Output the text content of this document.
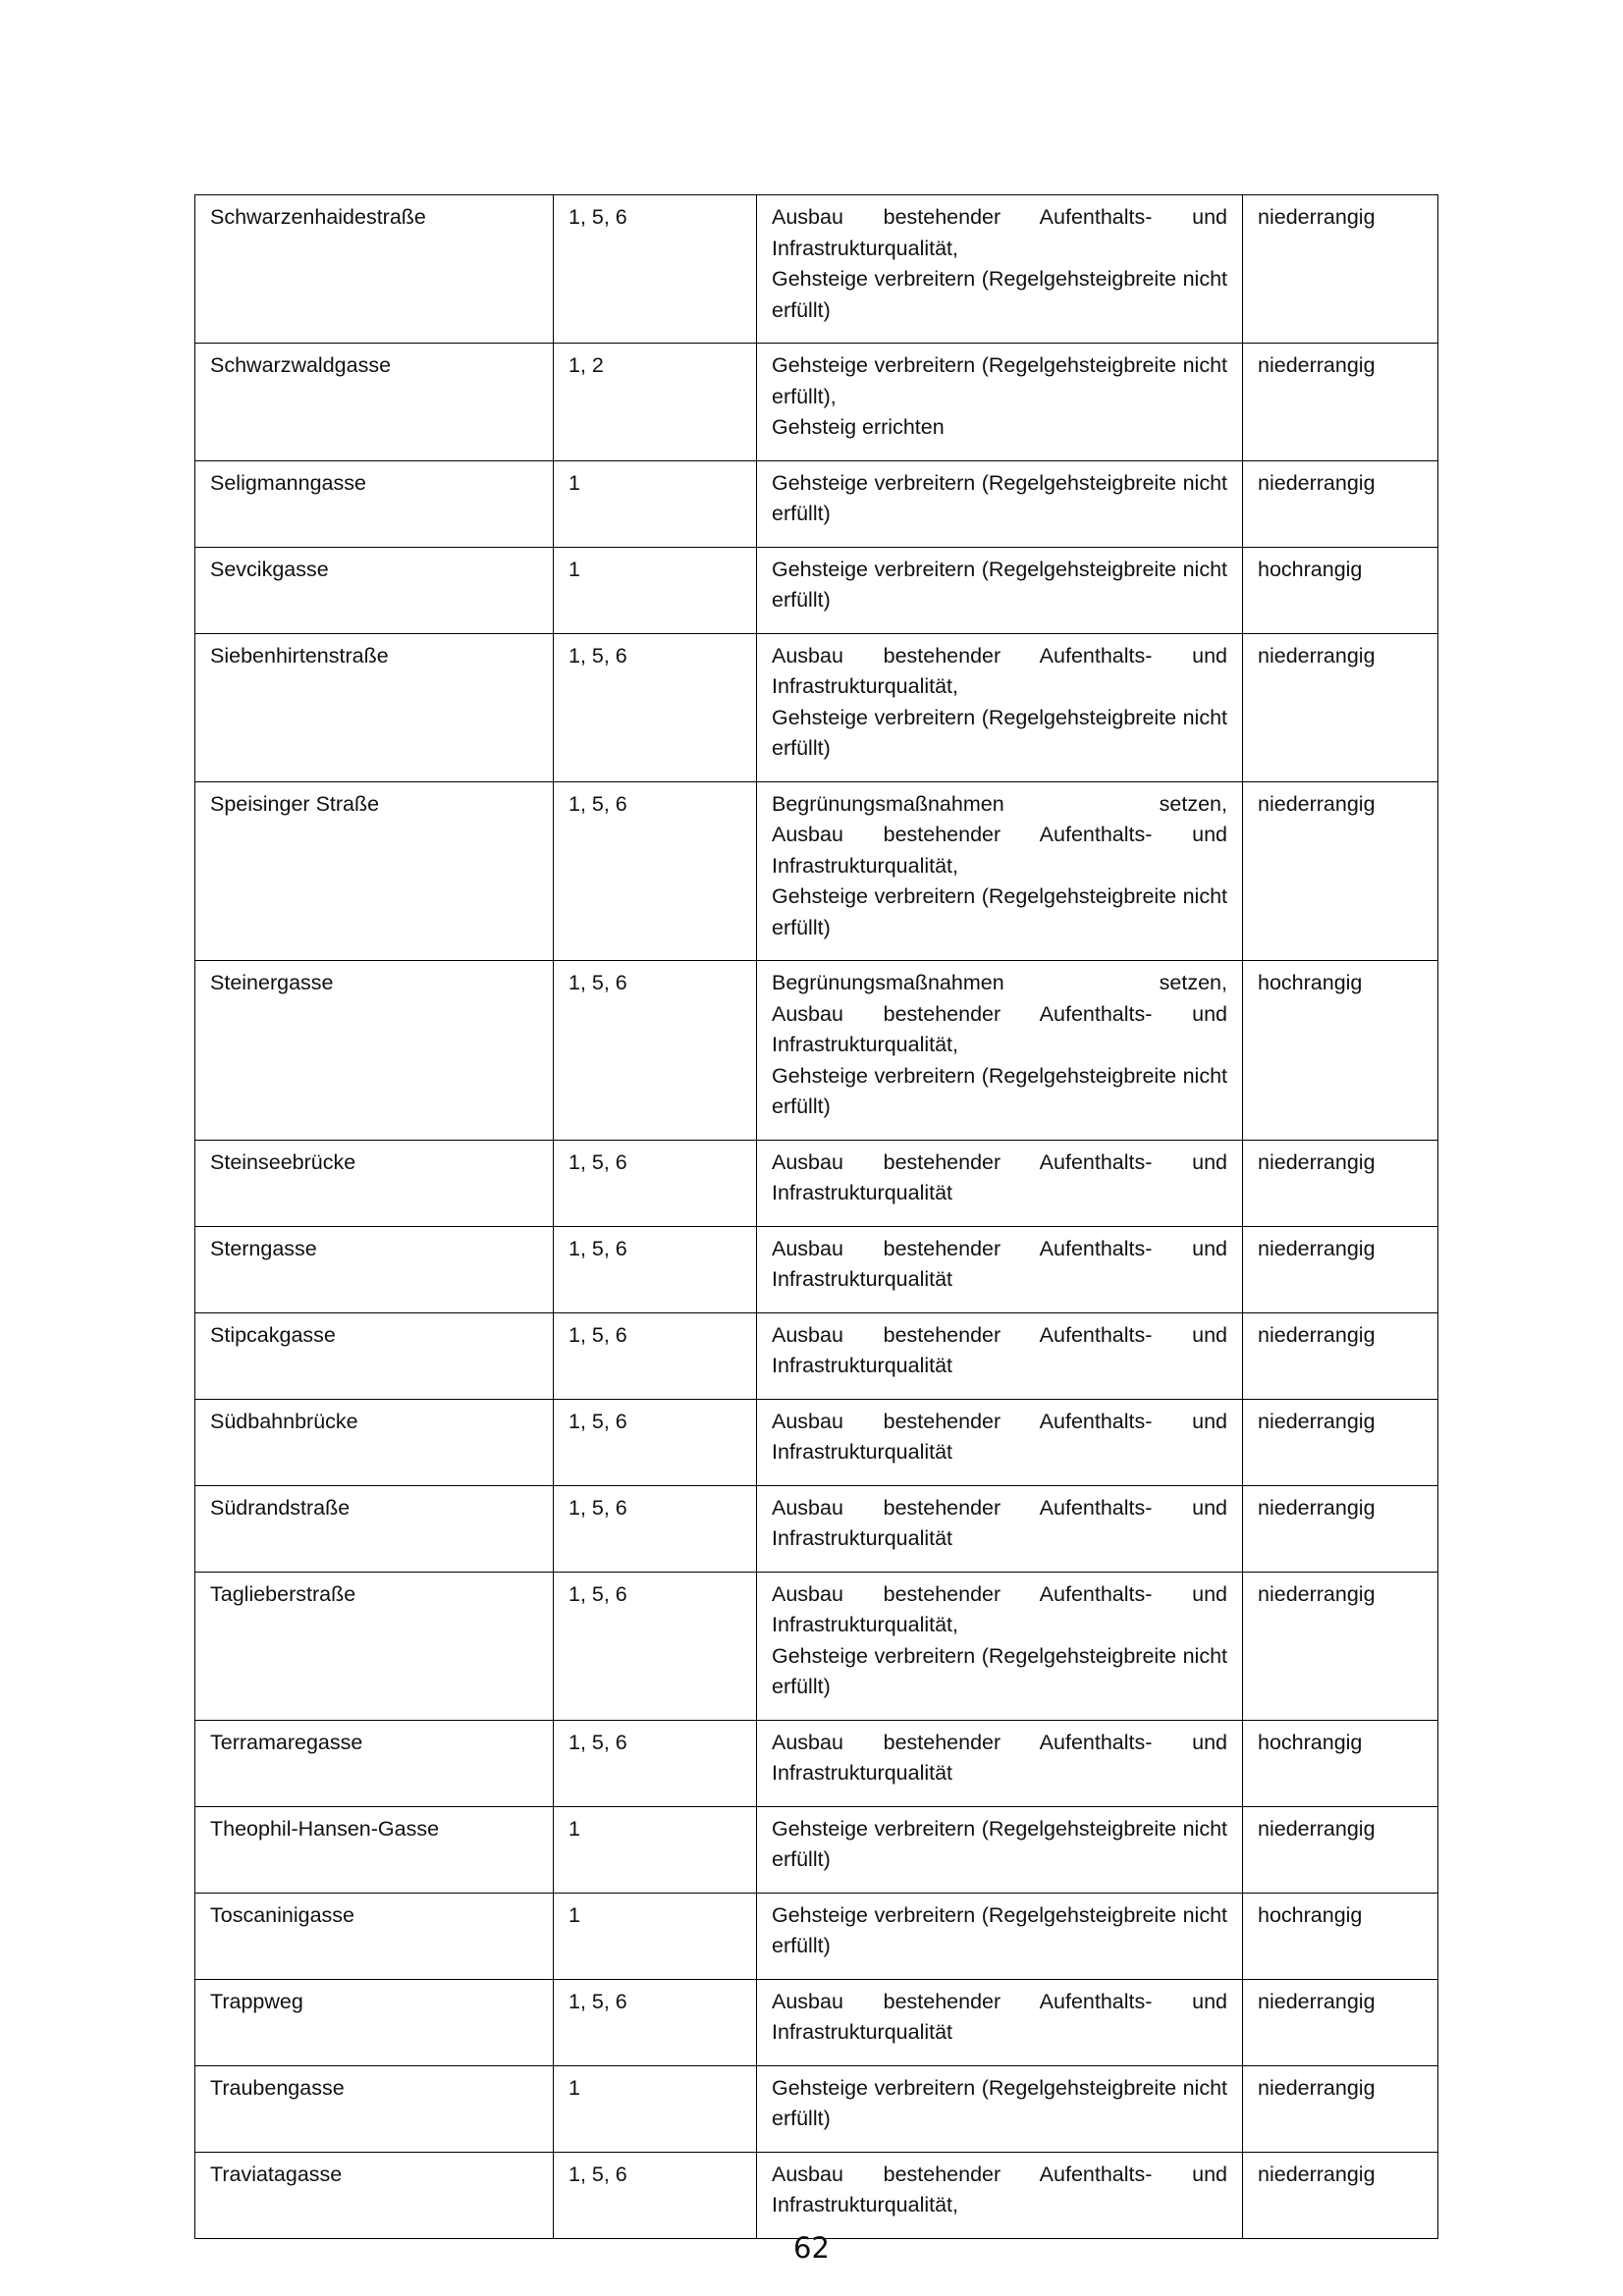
Schwarzenhaidestraße	1, 5, 6	Ausbau bestehender Aufenthalts- und Infrastrukturqualität,
Gehsteige verbreitern (Regelgehsteigbreite nicht erfüllt)	niederrangig
Schwarzwaldgasse	1, 2	Gehsteige verbreitern (Regelgehsteigbreite nicht erfüllt),
Gehsteig errichten	niederrangig
Seligmanngasse	1	Gehsteige verbreitern (Regelgehsteigbreite nicht erfüllt)	niederrangig
Sevcikgasse	1	Gehsteige verbreitern (Regelgehsteigbreite nicht erfüllt)	hochrangig
Siebenhirtenstraße	1, 5, 6	Ausbau bestehender Aufenthalts- und Infrastrukturqualität,
Gehsteige verbreitern (Regelgehsteigbreite nicht erfüllt)	niederrangig
Speisinger Straße	1, 5, 6	Begrünungsmaßnahmen setzen,
Ausbau bestehender Aufenthalts- und Infrastrukturqualität,
Gehsteige verbreitern (Regelgehsteigbreite nicht erfüllt)	niederrangig
Steinergasse	1, 5, 6	Begrünungsmaßnahmen setzen,
Ausbau bestehender Aufenthalts- und Infrastrukturqualität,
Gehsteige verbreitern (Regelgehsteigbreite nicht erfüllt)	hochrangig
Steinseebrücke	1, 5, 6	Ausbau bestehender Aufenthalts- und Infrastrukturqualität	niederrangig
Sterngasse	1, 5, 6	Ausbau bestehender Aufenthalts- und Infrastrukturqualität	niederrangig
Stipcakgasse	1, 5, 6	Ausbau bestehender Aufenthalts- und Infrastrukturqualität	niederrangig
Südbahnbrücke	1, 5, 6	Ausbau bestehender Aufenthalts- und Infrastrukturqualität	niederrangig
Südrandstraße	1, 5, 6	Ausbau bestehender Aufenthalts- und Infrastrukturqualität	niederrangig
Taglieberstraße	1, 5, 6	Ausbau bestehender Aufenthalts- und Infrastrukturqualität,
Gehsteige verbreitern (Regelgehsteigbreite nicht erfüllt)	niederrangig
Terramaregasse	1, 5, 6	Ausbau bestehender Aufenthalts- und Infrastrukturqualität	hochrangig
Theophil-Hansen-Gasse	1	Gehsteige verbreitern (Regelgehsteigbreite nicht erfüllt)	niederrangig
Toscaninigasse	1	Gehsteige verbreitern (Regelgehsteigbreite nicht erfüllt)	hochrangig
Trappweg	1, 5, 6	Ausbau bestehender Aufenthalts- und Infrastrukturqualität	niederrangig
Traubengasse	1	Gehsteige verbreitern (Regelgehsteigbreite nicht erfüllt)	niederrangig
Traviatagasse	1, 5, 6	Ausbau bestehender Aufenthalts- und Infrastrukturqualität,	niederrangig
62
